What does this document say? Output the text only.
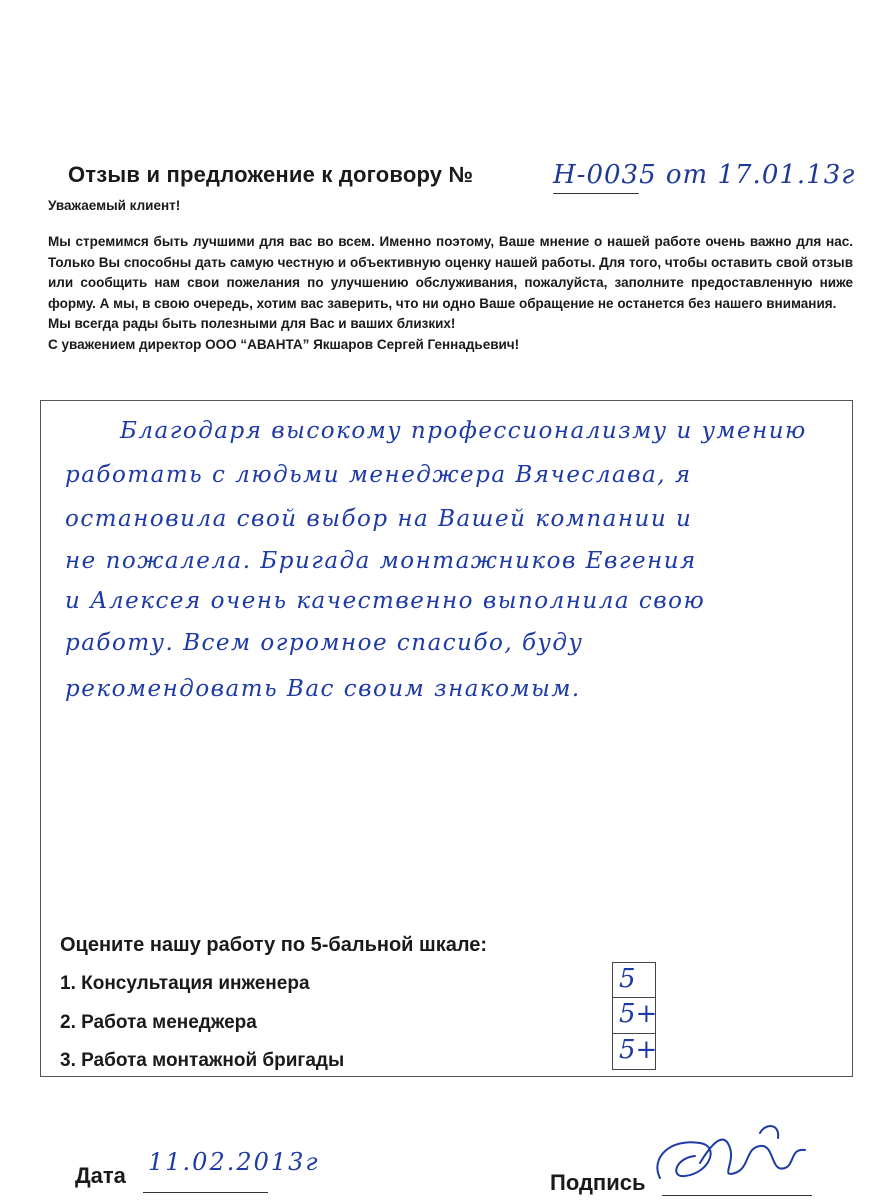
Отзыв и предложение к договору №	Н-0035 от 17.01.13г
Уважаемый клиент!

Мы стремимся быть лучшими для вас во всем. Именно поэтому, Ваше мнение о нашей работе очень важно для нас. Только Вы способны дать самую честную и объективную оценку нашей работы. Для того, чтобы оставить свой отзыв или сообщить нам свои пожелания по улучшению обслуживания, пожалуйста, заполните предоставленную ниже форму. А мы, в свою очередь, хотим вас заверить, что ни одно Ваше обращение не останется без нашего внимания.

Мы всегда рады быть полезными для Вас и ваших близких!

С уважением директор ООО “АВАНТА” Якшаров Сергей Геннадьевич!

Благодаря высокому профессионализму и умению
работать с людьми менеджера Вячеслава, я
остановила свой выбор на Вашей компании и
не пожалела. Бригада монтажников Евгения
и Алексея очень качественно выполнила свою
работу. Всем огромное спасибо, буду
рекомендовать Вас своим знакомым.
Оцените нашу работу по 5-бальной шкале:
1. Консультация инженера
2. Работа менеджера
3. Работа монтажной бригады
5
5+
5+
Дата 11.02.2013г
Подпись
